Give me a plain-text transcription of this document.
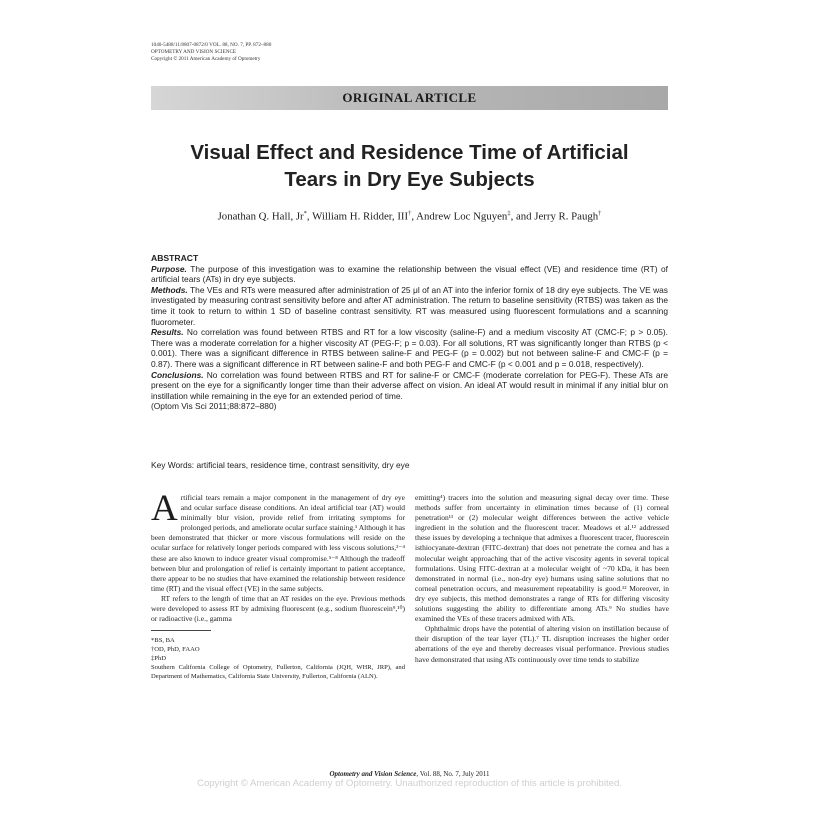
1040-5488/11/8807-0872/0 VOL. 88, NO. 7, PP. 872–880
OPTOMETRY AND VISION SCIENCE
Copyright © 2011 American Academy of Optometry
ORIGINAL ARTICLE
Visual Effect and Residence Time of Artificial
Tears in Dry Eye Subjects
Jonathan Q. Hall, Jr*, William H. Ridder, III†, Andrew Loc Nguyen‡, and Jerry R. Paugh†
ABSTRACT

Purpose. The purpose of this investigation was to examine the relationship between the visual effect (VE) and residence time (RT) of artificial tears (ATs) in dry eye subjects.

Methods. The VEs and RTs were measured after administration of 25 μl of an AT into the inferior fornix of 18 dry eye subjects. The VE was investigated by measuring contrast sensitivity before and after AT administration. The return to baseline sensitivity (RTBS) was taken as the time it took to return to within 1 SD of baseline contrast sensitivity. RT was measured using fluorescent formulations and a scanning fluorometer.

Results. No correlation was found between RTBS and RT for a low viscosity (saline-F) and a medium viscosity AT (CMC-F; p > 0.05). There was a moderate correlation for a higher viscosity AT (PEG-F; p = 0.03). For all solutions, RT was significantly longer than RTBS (p < 0.001). There was a significant difference in RTBS between saline-F and PEG-F (p = 0.002) but not between saline-F and CMC-F (p = 0.87). There was a significant difference in RT between saline-F and both PEG-F and CMC-F (p < 0.001 and p = 0.018, respectively).

Conclusions. No correlation was found between RTBS and RT for saline-F or CMC-F (moderate correlation for PEG-F). These ATs are present on the eye for a significantly longer time than their adverse affect on vision. An ideal AT would result in minimal if any initial blur on instillation while remaining in the eye for an extended period of time.

(Optom Vis Sci 2011;88:872–880)

Key Words: artificial tears, residence time, contrast sensitivity, dry eye

Artificial tears remain a major component in the management of dry eye and ocular surface disease conditions. An ideal artificial tear (AT) would minimally blur vision, provide relief from irritating symptoms for prolonged periods, and ameliorate ocular surface staining.¹ Although it has been demonstrated that thicker or more viscous formulations will reside on the ocular surface for relatively longer periods compared with less viscous solutions,²⁻⁴ these are also known to induce greater visual compromise.⁵⁻⁸ Although the tradeoff between blur and prolongation of relief is certainly important to patient acceptance, there appear to be no studies that have examined the relationship between residence time (RT) and the visual effect (VE) in the same subjects.

RT refers to the length of time that an AT resides on the eye. Previous methods were developed to assess RT by admixing fluorescent (e.g., sodium fluorescein⁹,¹⁰) or radioactive (i.e., gamma

emitting⁴) tracers into the solution and measuring signal decay over time. These methods suffer from uncertainty in elimination times because of (1) corneal penetration¹¹ or (2) molecular weight differences between the active vehicle ingredient in the solution and the fluorescent tracer. Meadows et al.¹² addressed these issues by developing a technique that admixes a fluorescent tracer, fluorescein isthiocyanate-dextran (FITC-dextran) that does not penetrate the cornea and has a molecular weight approaching that of the active viscosity agents in several topical formulations. Using FITC-dextran at a molecular weight of ~70 kDa, it has been demonstrated in normal (i.e., non-dry eye) humans using saline solutions that no corneal penetration occurs, and measurement repeatability is good.¹² Moreover, in dry eye subjects, this method demonstrates a range of RTs for differing viscosity solutions suggesting the ability to differentiate among ATs.⁹ No studies have examined the VEs of these tracers admixed with ATs.

Ophthalmic drops have the potential of altering vision on instillation because of their disruption of the tear layer (TL).⁷ TL disruption increases the higher order aberrations of the eye and thereby decreases visual performance. Previous studies have demonstrated that using ATs continuously over time tends to stabilize

*BS, BA

†OD, PhD, FAAO

‡PhD

Southern California College of Optometry, Fullerton, California (JQH, WHR, JRP), and Department of Mathematics, California State University, Fullerton, California (ALN).

Optometry and Vision Science, Vol. 88, No. 7, July 2011
Copyright © American Academy of Optometry. Unauthorized reproduction of this article is prohibited.
